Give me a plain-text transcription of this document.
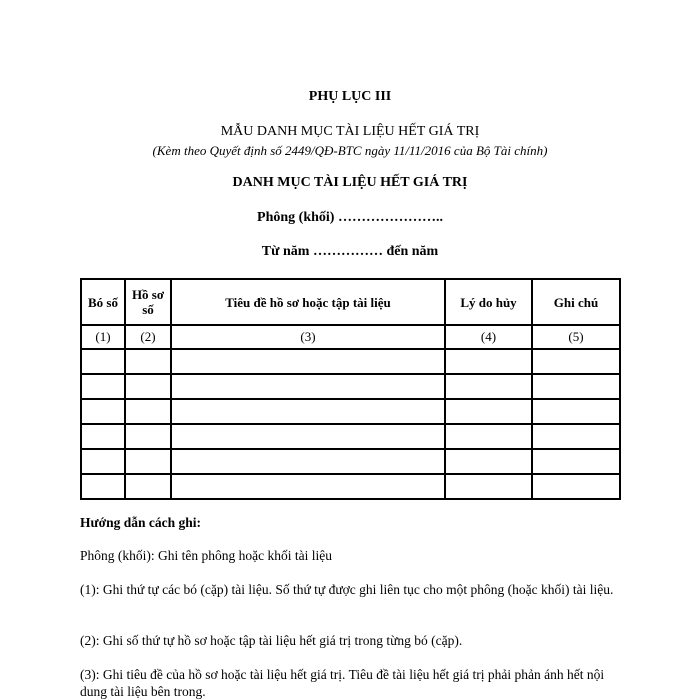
PHỤ LỤC III
MẪU DANH MỤC TÀI LIỆU HẾT GIÁ TRỊ
(Kèm theo Quyết định số 2449/QĐ-BTC ngày 11/11/2016 của Bộ Tài chính)
DANH MỤC TÀI LIỆU HẾT GIÁ TRỊ
Phông (khối) …………………..
Từ năm …………… đến năm
Bó số	Hồ sơ số	Tiêu đề hồ sơ hoặc tập tài liệu	Lý do hủy	Ghi chú
(1)	(2)	(3)	(4)	(5)

Hướng dẫn cách ghi:
Phông (khối): Ghi tên phông hoặc khối tài liệu
(1): Ghi thứ tự các bó (cặp) tài liệu. Số thứ tự được ghi liên tục cho một phông (hoặc khối) tài liệu.
(2): Ghi số thứ tự hồ sơ hoặc tập tài liệu hết giá trị trong từng bó (cặp).
(3): Ghi tiêu đề của hồ sơ hoặc tài liệu hết giá trị. Tiêu đề tài liệu hết giá trị phải phản ánh hết nội dung tài liệu bên trong.
